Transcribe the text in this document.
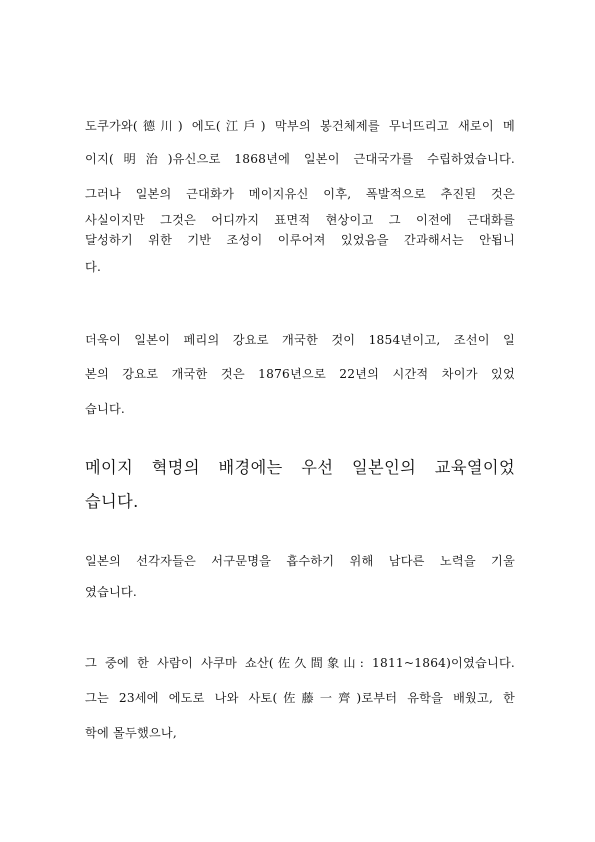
도쿠가와(德川) 에도(江戶) 막부의 봉건체제를 무너뜨리고 새로이 메
이지(明治)유신으로 1868년에 일본이 근대국가를 수립하였습니다.
그러나 일본의 근대화가 메이지유신 이후, 폭발적으로 추진된 것은
사실이지만 그것은 어디까지 표면적 현상이고 그 이전에 근대화를
달성하기 위한 기반 조성이 이루어져 있었음을 간과해서는 안됩니
다.
더욱이 일본이 페리의 강요로 개국한 것이 1854년이고, 조선이 일
본의 강요로 개국한 것은 1876년으로 22년의 시간적 차이가 있었
습니다.
메이지 혁명의 배경에는 우선 일본인의 교육열이었
습니다.
일본의 선각자들은 서구문명을 흡수하기 위해 남다른 노력을 기울
였습니다.
그 중에 한 사람이 사쿠마 쇼산(佐久間象山: 1811~1864)이였습니다.
그는 23세에 에도로 나와 사토(佐藤一齊)로부터 유학을 배웠고, 한
학에 몰두했으나,
